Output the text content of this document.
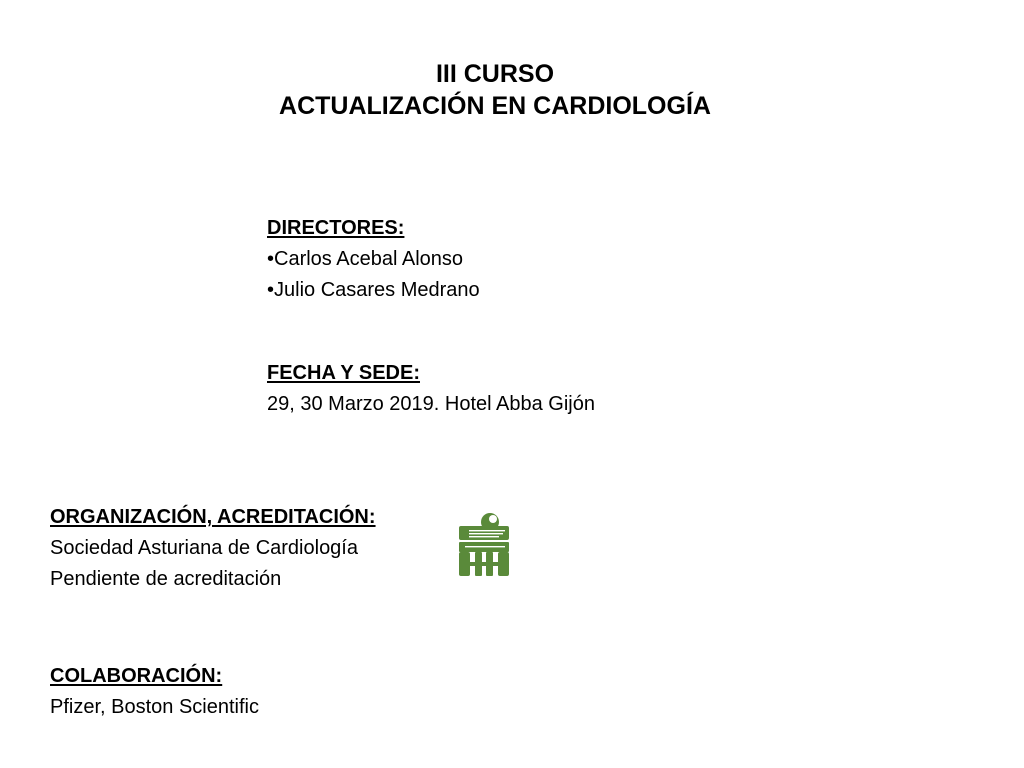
III CURSO
ACTUALIZACIÓN EN CARDIOLOGÍA
DIRECTORES:
•Carlos Acebal Alonso
•Julio Casares Medrano
FECHA Y SEDE:
29, 30 Marzo 2019. Hotel Abba Gijón
ORGANIZACIÓN, ACREDITACIÓN:
Sociedad Asturiana de Cardiología
Pendiente de acreditación
COLABORACIÓN:
Pfizer, Boston Scientific
